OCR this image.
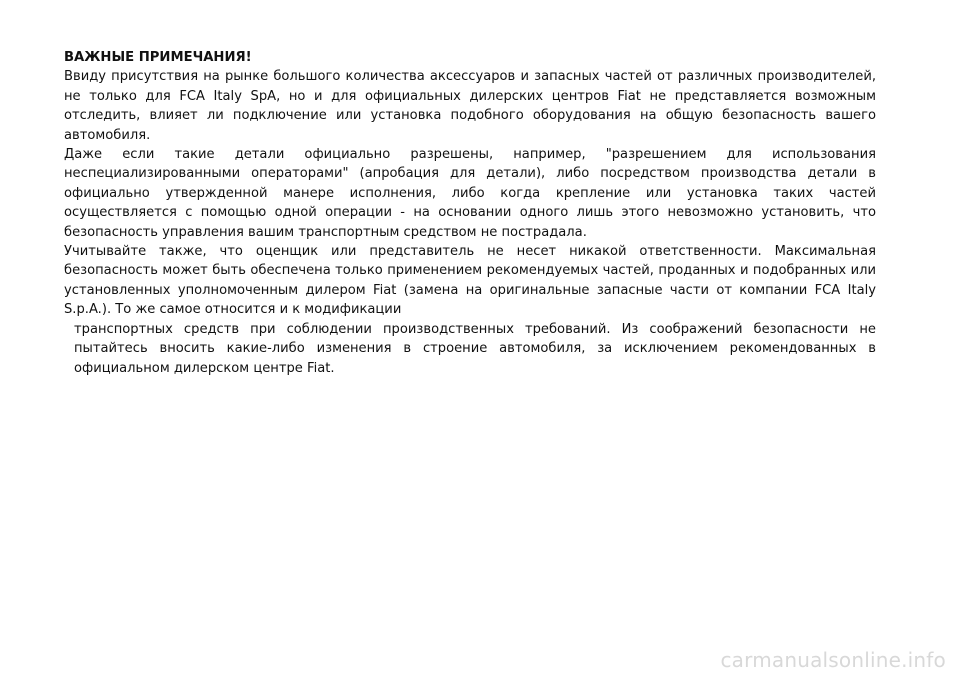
ВАЖНЫЕ ПРИМЕЧАНИЯ!

Ввиду присутствия на рынке большого количества аксессуаров и запасных частей от различных производителей, не только для FCA Italy SpA, но и для официальных дилерских центров Fiat не представляется возможным отследить, влияет ли подключение или установка подобного оборудования на общую безопасность вашего автомобиля.

Даже если такие детали официально разрешены, например, "разрешением для использования неспециализированными операторами" (апробация для детали), либо посредством производства детали в официально утвержденной манере исполнения, либо когда крепление или установка таких частей осуществляется с помощью одной операции - на основании одного лишь этого невозможно установить, что безопасность управления вашим транспортным средством не пострадала.

Учитывайте также, что оценщик или представитель не несет никакой ответственности. Максимальная безопасность может быть обеспечена только применением рекомендуемых частей, проданных и подобранных или установленных уполномоченным дилером Fiat (замена на оригинальные запасные части от компании FCA Italy S.p.A.). То же самое относится и к модификации

транспортных средств при соблюдении производственных требований. Из соображений безопасности не пытайтесь вносить какие-либо изменения в строение автомобиля, за исключением рекомендованных в официальном дилерском центре Fiat.

carmanualsonline.info
